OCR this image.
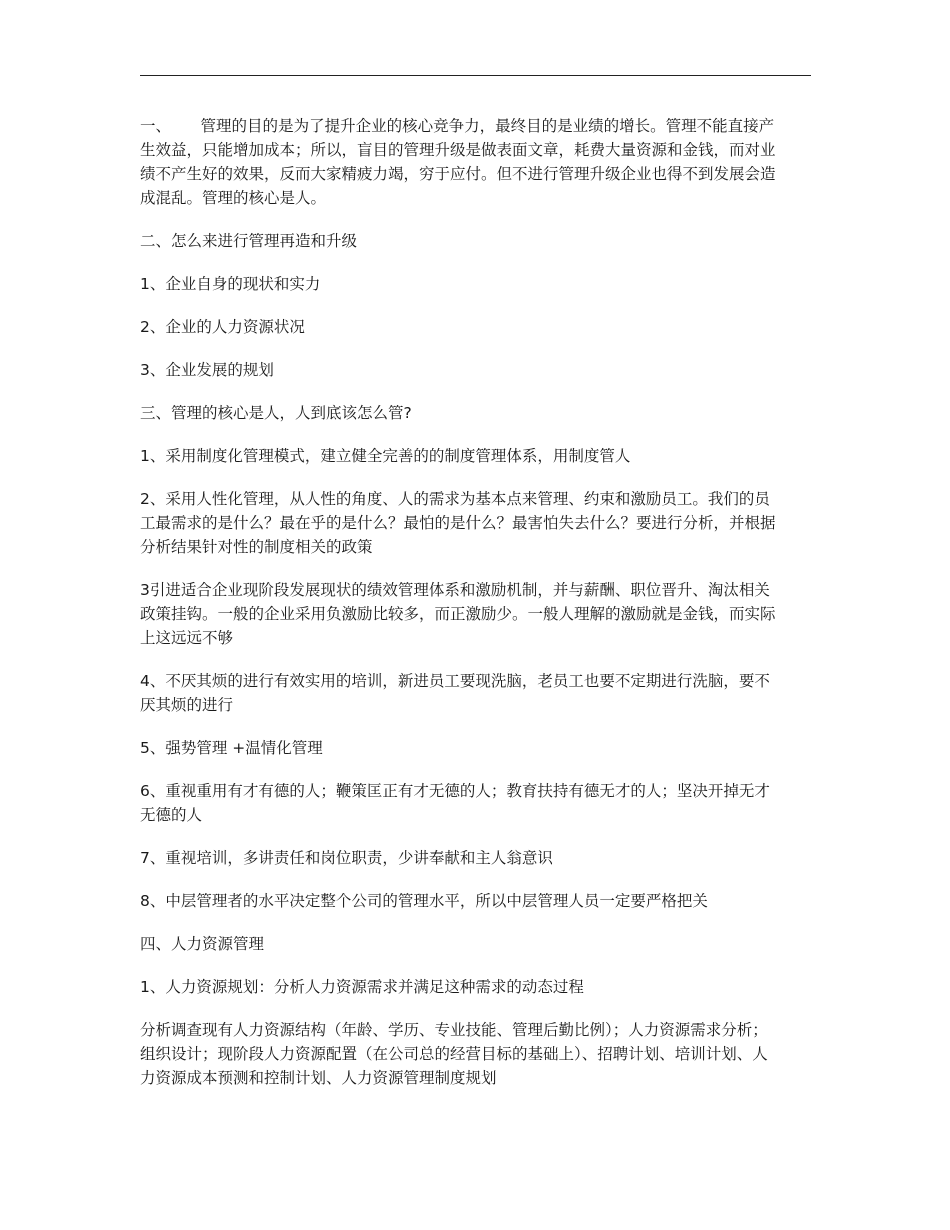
一、      管理的目的是为了提升企业的核心竞争力，最终目的是业绩的增长。管理不能直接产生效益，只能增加成本；所以，盲目的管理升级是做表面文章，耗费大量资源和金钱，而对业绩不产生好的效果，反而大家精疲力竭，穷于应付。但不进行管理升级企业也得不到发展会造成混乱。管理的核心是人。

二、怎么来进行管理再造和升级

1、企业自身的现状和实力

2、企业的人力资源状况

3、企业发展的规划

三、管理的核心是人，人到底该怎么管?

1、采用制度化管理模式，建立健全完善的的制度管理体系，用制度管人

2、采用人性化管理，从人性的角度、人的需求为基本点来管理、约束和激励员工。我们的员工最需求的是什么？最在乎的是什么？最怕的是什么？最害怕失去什么？要进行分析，并根据分析结果针对性的制度相关的政策

3引进适合企业现阶段发展现状的绩效管理体系和激励机制，并与薪酬、职位晋升、淘汰相关政策挂钩。一般的企业采用负激励比较多，而正激励少。一般人理解的激励就是金钱，而实际上这远远不够

4、不厌其烦的进行有效实用的培训，新进员工要现洗脑，老员工也要不定期进行洗脑，要不厌其烦的进行

5、强势管理 +温情化管理

6、重视重用有才有德的人；鞭策匡正有才无德的人；教育扶持有德无才的人；坚决开掉无才无德的人

7、重视培训，多讲责任和岗位职责，少讲奉献和主人翁意识

8、中层管理者的水平决定整个公司的管理水平，所以中层管理人员一定要严格把关

四、人力资源管理

1、人力资源规划：分析人力资源需求并满足这种需求的动态过程

分析调查现有人力资源结构（年龄、学历、专业技能、管理后勤比例）；人力资源需求分析；组织设计；现阶段人力资源配置（在公司总的经营目标的基础上）、招聘计划、培训计划、人力资源成本预测和控制计划、人力资源管理制度规划
